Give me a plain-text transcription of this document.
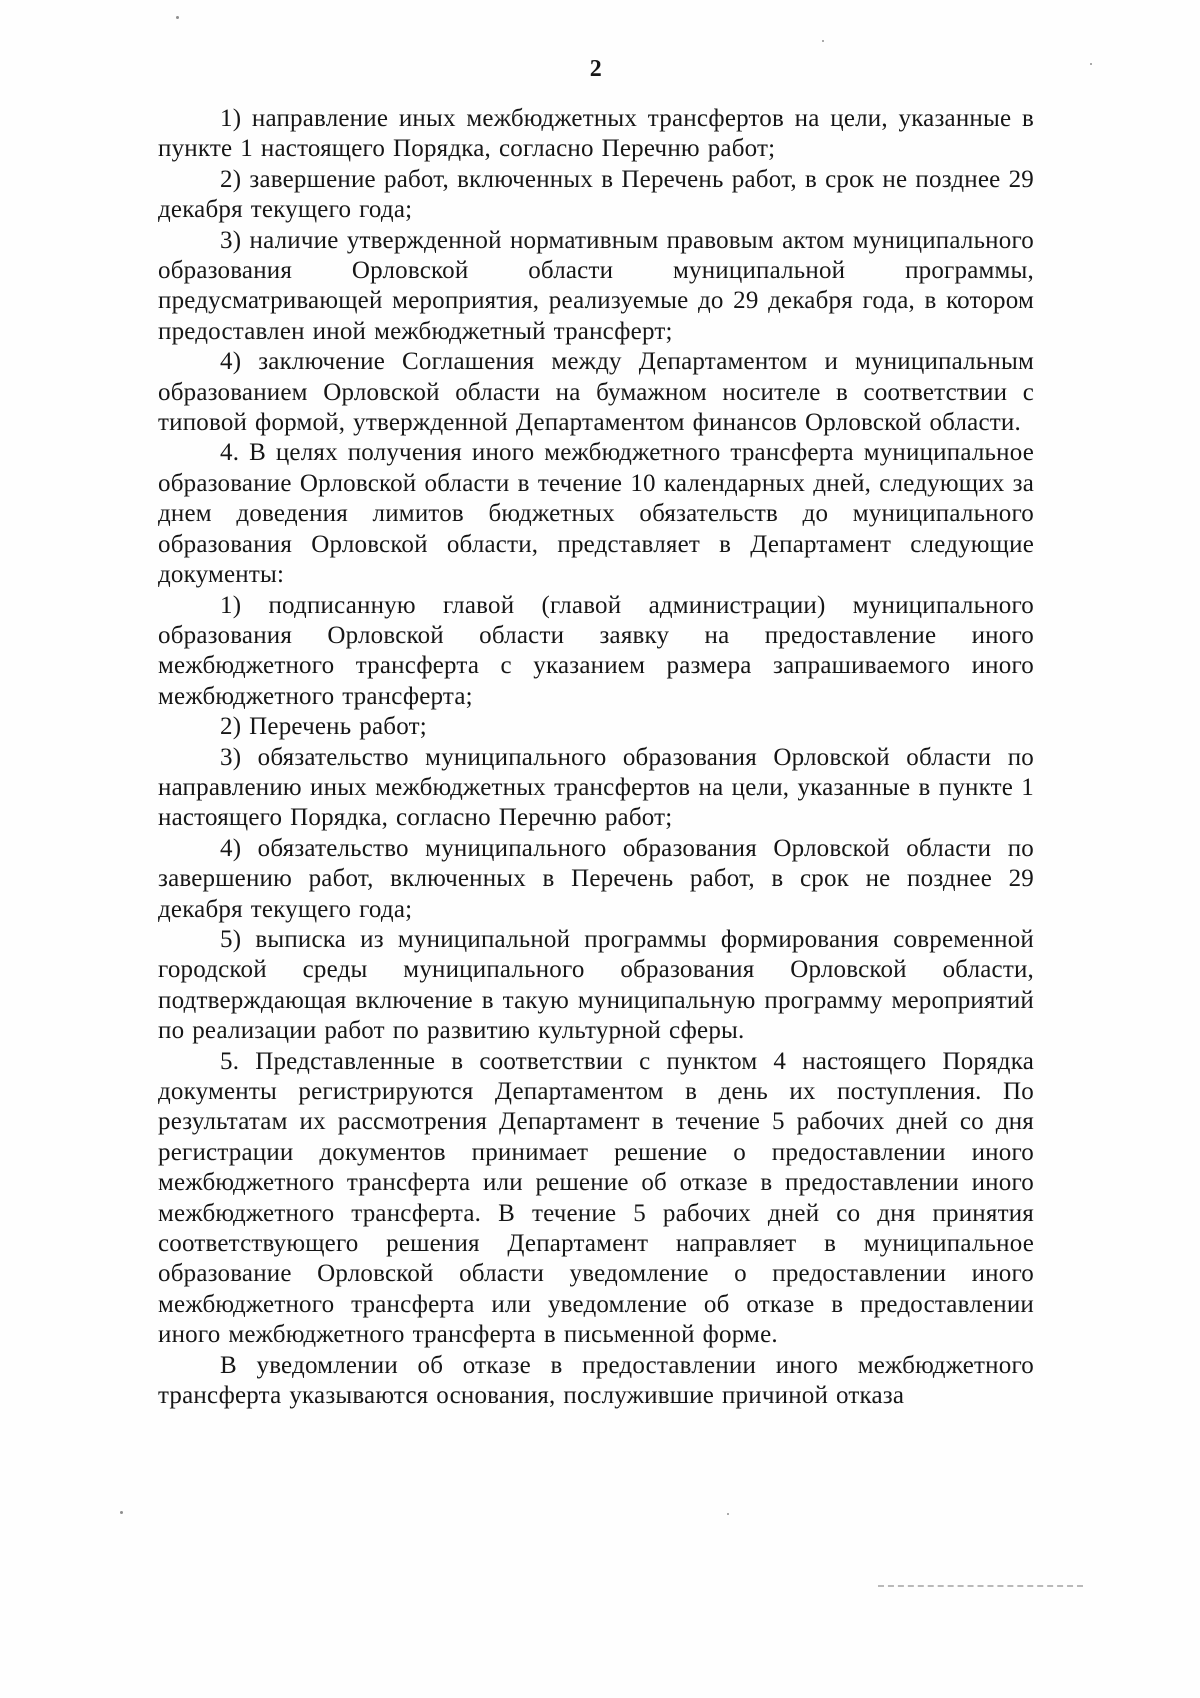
2

1) направление иных межбюджетных трансфертов на цели, указанные в пункте 1 настоящего Порядка, согласно Перечню работ;

2) завершение работ, включенных в Перечень работ, в срок не позднее 29 декабря текущего года;

3) наличие утвержденной нормативным правовым актом муниципального образования Орловской области муниципальной программы, предусматривающей мероприятия, реализуемые до 29 декабря года, в котором предоставлен иной межбюджетный трансферт;

4) заключение Соглашения между Департаментом и муниципальным образованием Орловской области на бумажном носителе в соответствии с типовой формой, утвержденной Департаментом финансов Орловской области.

4. В целях получения иного межбюджетного трансферта муниципальное образование Орловской области в течение 10 календарных дней, следующих за днем доведения лимитов бюджетных обязательств до муниципального образования Орловской области, представляет в Департамент следующие документы:

1) подписанную главой (главой администрации) муниципального образования Орловской области заявку на предоставление иного межбюджетного трансферта с указанием размера запрашиваемого иного межбюджетного трансферта;

2) Перечень работ;

3) обязательство муниципального образования Орловской области по направлению иных межбюджетных трансфертов на цели, указанные в пункте 1 настоящего Порядка, согласно Перечню работ;

4) обязательство муниципального образования Орловской области по завершению работ, включенных в Перечень работ, в срок не позднее 29 декабря текущего года;

5) выписка из муниципальной программы формирования современной городской среды муниципального образования Орловской области, подтверждающая включение в такую муниципальную программу мероприятий по реализации работ по развитию культурной сферы.

5. Представленные в соответствии с пунктом 4 настоящего Порядка документы регистрируются Департаментом в день их поступления. По результатам их рассмотрения Департамент в течение 5 рабочих дней со дня регистрации документов принимает решение о предоставлении иного межбюджетного трансферта или решение об отказе в предоставлении иного межбюджетного трансферта. В течение 5 рабочих дней со дня принятия соответствующего решения Департамент направляет в муниципальное образование Орловской области уведомление о предоставлении иного межбюджетного трансферта или уведомление об отказе в предоставлении иного межбюджетного трансферта в письменной форме.

В уведомлении об отказе в предоставлении иного межбюджетного трансферта указываются основания, послужившие причиной отказа
